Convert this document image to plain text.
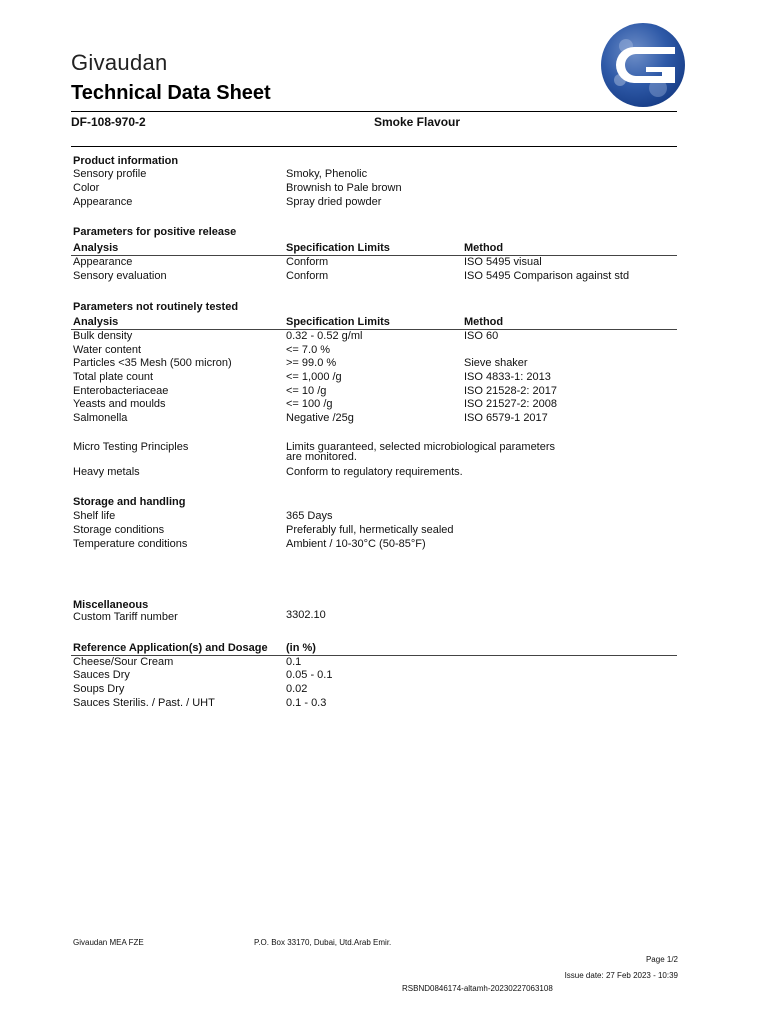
Givaudan
Technical Data Sheet
DF-108-970-2	Smoke Flavour
Product information
Sensory profile	Smoky, Phenolic
Color	Brownish to Pale brown
Appearance	Spray dried powder
Parameters for positive release
Analysis	Specification Limits	Method
Appearance	Conform	ISO 5495 visual
Sensory evaluation	Conform	ISO 5495 Comparison against std
Parameters not routinely tested
Analysis	Specification Limits	Method
Bulk density	0.32 - 0.52 g/ml	ISO 60
Water content	<= 7.0 %
Particles <35 Mesh (500 micron)	>= 99.0 %	Sieve shaker
Total plate count	<= 1,000 /g	ISO 4833-1: 2013
Enterobacteriaceae	<= 10 /g	ISO 21528-2: 2017
Yeasts and moulds	<= 100 /g	ISO 21527-2: 2008
Salmonella	Negative /25g	ISO 6579-1 2017
Micro Testing Principles	Limits guaranteed, selected microbiological parameters
are monitored.
Heavy metals	Conform to regulatory requirements.
Storage and handling
Shelf life	365 Days
Storage conditions	Preferably full, hermetically sealed
Temperature conditions	Ambient / 10-30°C (50-85°F)
Miscellaneous
Custom Tariff number	3302.10
Reference Application(s) and Dosage (in %)
Cheese/Sour Cream	0.1
Sauces Dry	0.05 - 0.1
Soups Dry	0.02
Sauces Sterilis. / Past. / UHT	0.1 - 0.3
Givaudan MEA FZE	P.O. Box 33170, Dubai, Utd.Arab Emir.
Page 1/2
Issue date: 27 Feb 2023 - 10:39
RSBND0846174-altamh-20230227063108
